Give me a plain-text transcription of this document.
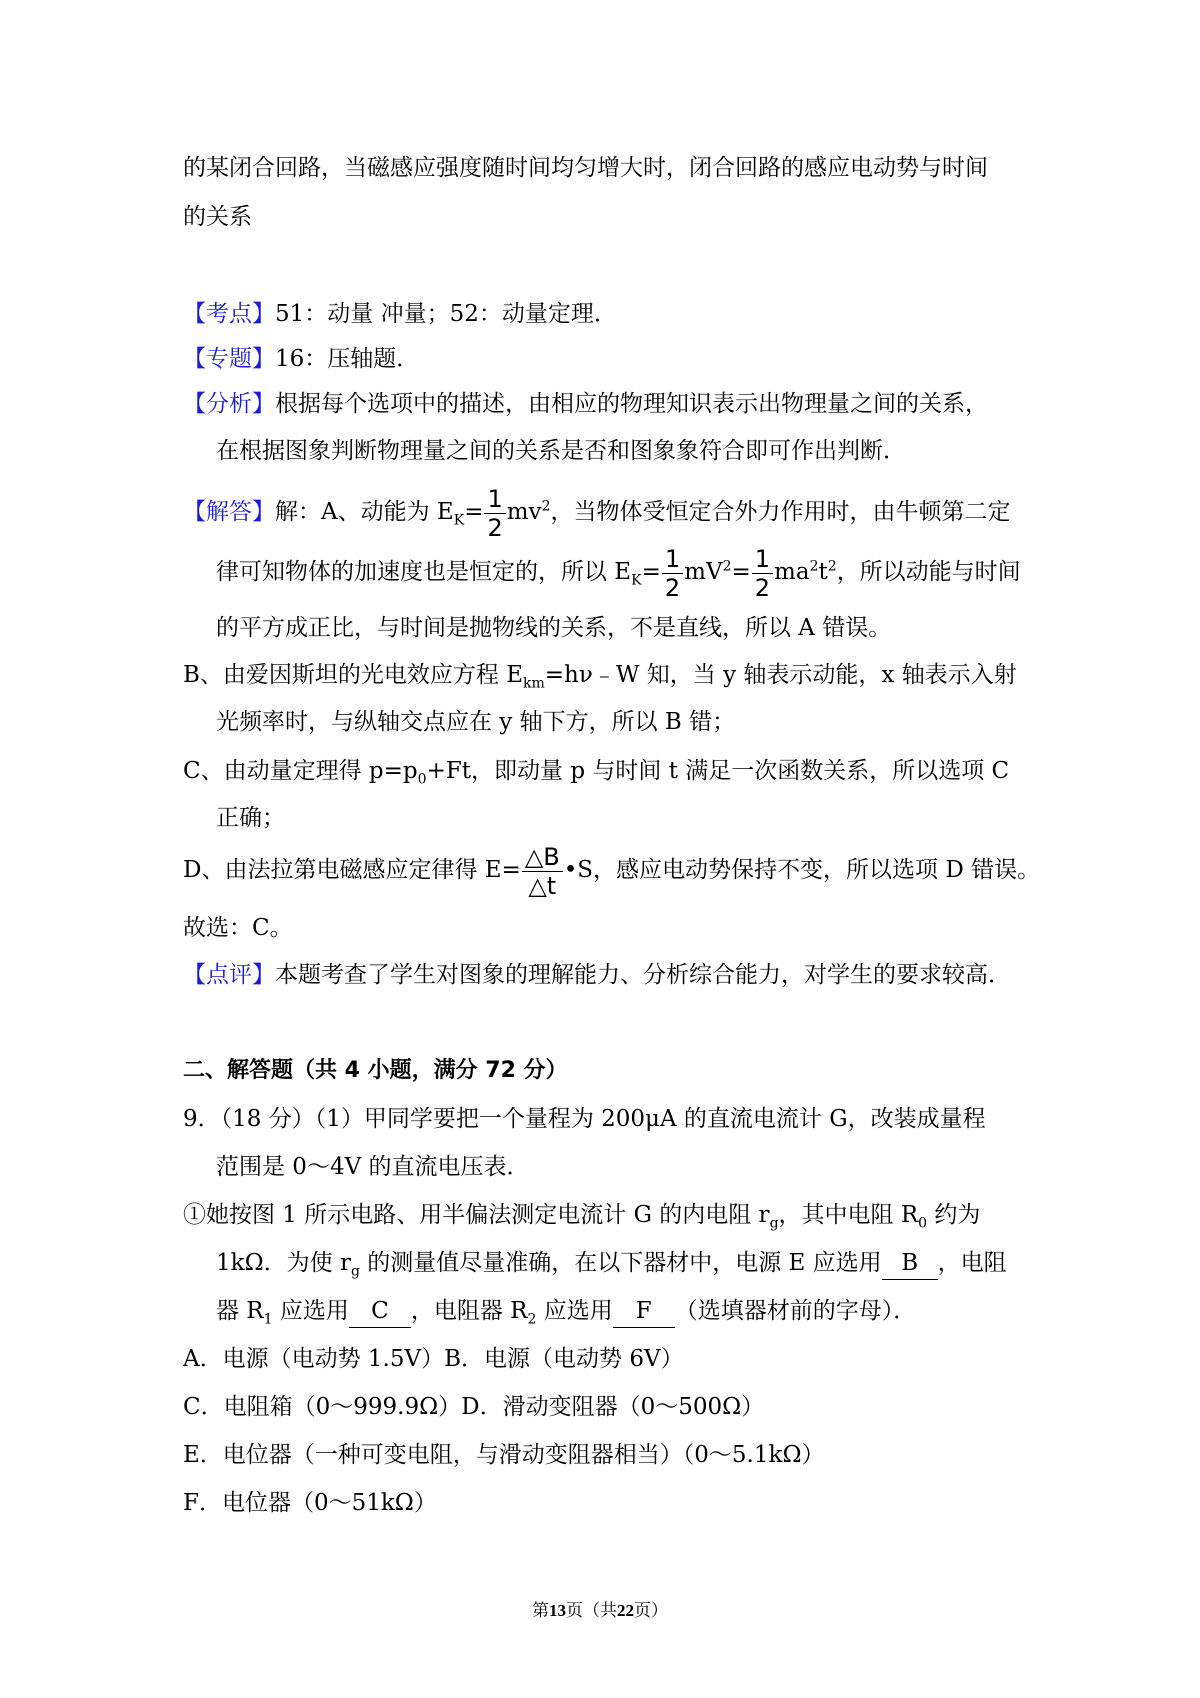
的某闭合回路，当磁感应强度随时间均匀增大时，闭合回路的感应电动势与时间
的关系
【考点】51：动量 冲量；52：动量定理．
【专题】16：压轴题．
【分析】根据每个选项中的描述，由相应的物理知识表示出物理量之间的关系，
在根据图象判断物理量之间的关系是否和图象象符合即可作出判断．
【解答】解：A、动能为 $E_K= \frac{1}{2} mv^2$，当物体受恒定合外力作用时，由牛顿第二定
律可知物体的加速度也是恒定的，所以 $E_K= \frac{1}{2} mV^2= \frac{1}{2} ma^2t^2$，所以动能与时间
的平方成正比，与时间是抛物线的关系，不是直线，所以 A 错误。
B、由爱因斯坦的光电效应方程 $E_{km}=h\nu﹣W$ 知，当 y 轴表示动能，x 轴表示入射
光频率时，与纵轴交点应在 y 轴下方，所以 B 错；
C、由动量定理得 $p=p_0+Ft$，即动量 p 与时间 t 满足一次函数关系，所以选项 C
正确；
D、由法拉第电磁感应定律得 $E= \frac{\triangle B}{\triangle t}$ •S，感应电动势保持不变，所以选项 D 错误。
故选：C。
【点评】本题考查了学生对图象的理解能力、分析综合能力，对学生的要求较高．
二、解答题（共 4 小题，满分 72 分）
9．（18 分）（1）甲同学要把一个量程为 200μA 的直流电流计 G，改装成量程
范围是 0～4V 的直流电压表．
①她按图 1 所示电路、用半偏法测定电流计 G 的内电阻 $r_g$，其中电阻 $R_0$ 约为
1kΩ．为使 $r_g$ 的测量值尽量准确，在以下器材中，电源 E 应选用 B ，电阻
器 $R_1$ 应选用 C ，电阻器 $R_2$ 应选用 F （选填器材前的字母）．
A．电源（电动势 1.5V）B．电源（电动势 6V）
C．电阻箱（0～999.9Ω）D．滑动变阻器（0～500Ω）
E．电位器（一种可变电阻，与滑动变阻器相当）（0～5.1kΩ）
F．电位器（0～51kΩ）
第13页（共22页）
